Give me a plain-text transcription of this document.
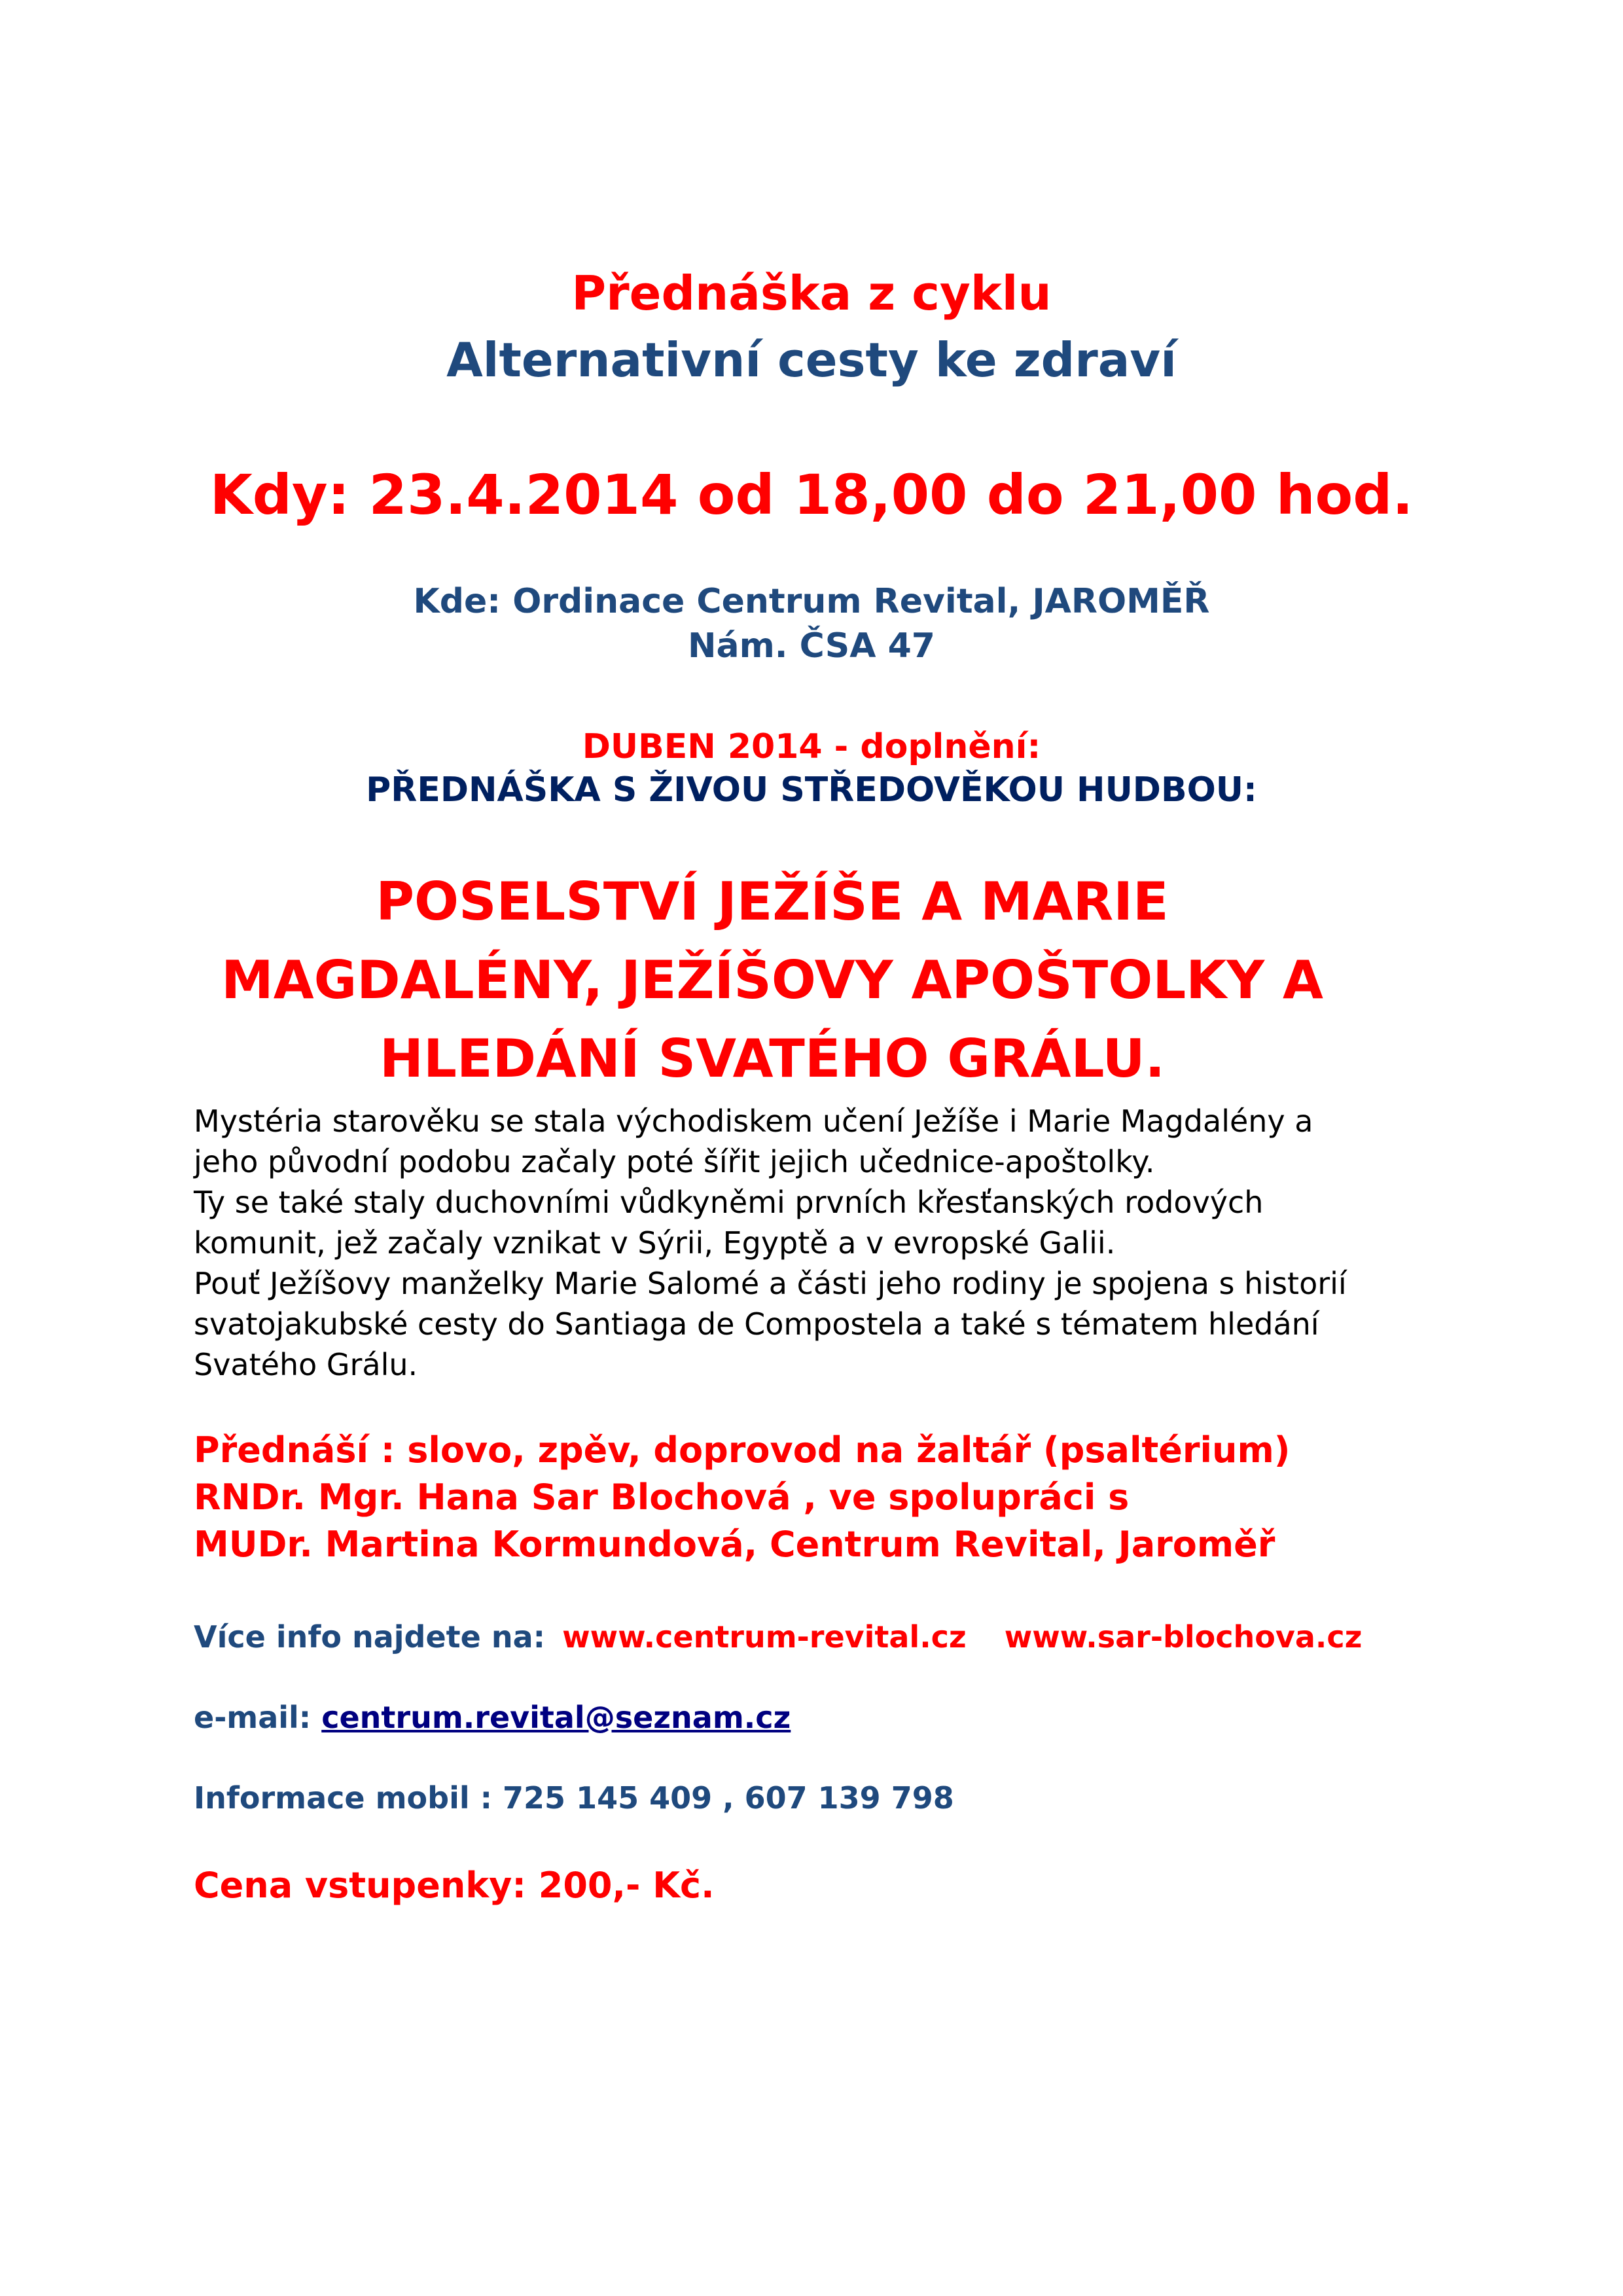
Přednáška z cyklu
Alternativní cesty ke zdraví
Kdy: 23.4.2014 od 18,00 do 21,00 hod.
Kde: Ordinace Centrum Revital, JAROMĚŘ
Nám. ČSA 47
DUBEN 2014 - doplnění:
PŘEDNÁŠKA S ŽIVOU STŘEDOVĚKOU HUDBOU:
POSELSTVÍ JEŽÍŠE A MARIE
MAGDALÉNY, JEŽÍŠOVY APOŠTOLKY A
HLEDÁNÍ SVATÉHO GRÁLU.
Mystéria starověku se stala východiskem učení Ježíše i Marie Magdalény a
jeho původní podobu začaly poté šířit jejich učednice-apoštolky.
Ty se také staly duchovními vůdkyněmi prvních křesťanských rodových
komunit, jež začaly vznikat v Sýrii, Egyptě a v evropské Galii.
Pouť Ježíšovy manželky Marie Salomé a části jeho rodiny je spojena s historií
svatojakubské cesty do Santiaga de Compostela a také s tématem hledání
Svatého Grálu.
Přednáší : slovo, zpěv, doprovod na žaltář (psaltérium)
RNDr. Mgr. Hana Sar Blochová , ve spolupráci s
MUDr. Martina Kormundová, Centrum Revital, Jaroměř
Více info najdete na: www.centrum-revital.cz www.sar-blochova.cz
e-mail: centrum.revital@seznam.cz
Informace mobil : 725 145 409 , 607 139 798
Cena vstupenky: 200,- Kč.
